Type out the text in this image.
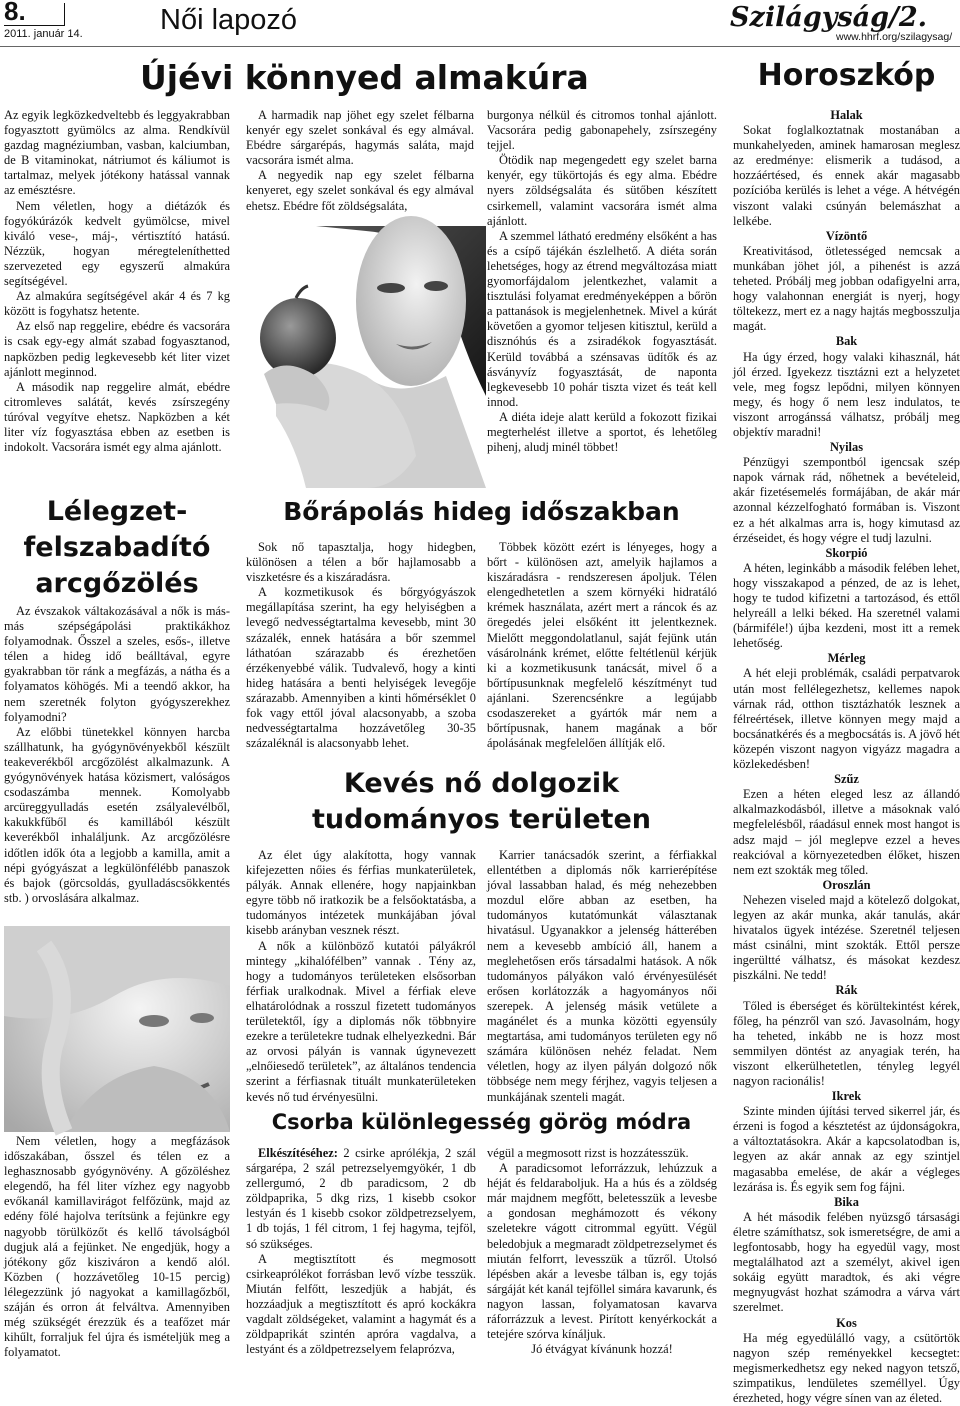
8.
2011. január 14.	Női lapozó	Szilágyság/2.
www.hhrf.org/szilagysag/
Újévi könnyed almakúra

Az egyik legközkedveltebb és leggyakrabban fogyasztott gyümölcs az alma. Rendkívül gazdag magnéziumban, vasban, kalciumban, de B vitaminokat, nátriumot és káliumot is tartalmaz, melyek jótékony hatással vannak az emésztésre.

Nem véletlen, hogy a diétázók és fogyókúrázók kedvelt gyümölcse, mivel kiváló vese-, máj-, vértisztító hatású. Nézzük, hogyan méregteleníthetted szervezeted egy egyszerű almakúra segítségével.

Az almakúra segítségével akár 4 és 7 kg között is fogyhatsz hetente.

Az első nap reggelire, ebédre és vacsorára is csak egy-egy almát szabad fogyasztanod, napközben pedig legkevesebb két liter vizet ajánlott meginnod.

A második nap reggelire almát, ebédre citromleves salátát, kevés zsírszegény túróval vegyítve ehetsz. Napközben a két liter víz fogyasztása ebben az esetben is indokolt. Vacsorára ismét egy alma ajánlott.

A harmadik nap jöhet egy szelet félbarna kenyér egy szelet sonkával és egy almával. Ebédre sárgarépás, hagymás saláta, majd vacsorára ismét alma.

A negyedik nap egy szelet félbarna kenyeret, egy szelet sonkával és egy almával ehetsz. Ebédre főt zöldségsaláta,

burgonya nélkül és citromos tonhal ajánlott. Vacsorára pedig gabonapehely, zsírszegény tejjel.

Ötödik nap megengedett egy szelet barna kenyér, egy tükörtojás és egy alma. Ebédre nyers zöldségsaláta és sütőben készített csirkemell, valamint vacsorára ismét alma ajánlott.

A szemmel látható eredmény elsőként a has és a csípő tájékán észlelhető. A diéta során lehetséges, hogy az étrend megváltozása miatt gyomorfájdalom jelentkezhet, valamit a tisztulási folyamat eredményeképpen a bőrön a pattanások is megjelenhetnek. Mivel a kúrát követően a gyomor teljesen kitisztul, kerüld a disznóhús és a zsiradékok fogyasztását. Kerüld továbbá a szénsavas üdítők és az ásványvíz fogyasztását, de naponta legkevesebb 10 pohár tiszta vizet és teát kell innod.

A diéta ideje alatt kerüld a fokozott fizikai megterhelést illetve a sportot, és lehetőleg pihenj, aludj minél többet!

Lélegzet-
felszabadító
arcgőzölés

Az évszakok váltakozásával a nők is más-más szépségápolási praktikákhoz folyamodnak. Ősszel a szeles, esős-, illetve télen a hideg idő beálltával, egyre gyakrabban tör ránk a megfázás, a nátha és a folyamatos köhögés. Mi a teendő akkor, ha nem szeretnék folyton gyógyszerekhez folyamodni?

Az előbbi tünetekkel könnyen harcba szállhatunk, ha gyógynövényekből készült teakeverékből arcgőzölést alkalmazunk. A gyógynövények hatása közismert, valóságos csodaszámba mennek. Komolyabb arcüreggyulladás esetén zsályalevélből, kakukkfűből és kamillából készült keverékből inhaláljunk. Az arcgőzölésre időtlen idők óta a legjobb a kamilla, amit a népi gyógyászat a legkülönfélébb panaszok és bajok (görcsoldás, gyulladáscsökkentés stb. ) orvoslására alkalmaz.

Nem véletlen, hogy a megfázások időszakában, ősszel és télen ez a leghasznosabb gyógynövény. A gőzöléshez elegendő, ha fél liter vízhez egy nagyobb evőkanál kamillavirágot felfőzünk, majd az edény fölé hajolva terítsünk a fejünkre egy nagyobb törülközőt és kellő távolságból dugjuk alá a fejünket. Ne engedjük, hogy a jótékony gőz kisziváron a kendő alól. Közben ( hozzávetőleg 10-15 percig) lélegezzünk jó nagyokat a kamillagőzből, száján és orron át felváltva. Amennyiben még szükségét érezzük és a teafőzet már kihűlt, forraljuk fel újra és ismételjük meg a folyamatot.

Bőrápolás hideg időszakban

Sok nő tapasztalja, hogy hidegben, különösen a télen a bőr hajlamosabb a viszketésre és a kiszáradásra.

A kozmetikusok és bőrgyógyászok megállapítása szerint, ha egy helyiségben a levegő nedvességtartalma kevesebb, mint 30 százalék, ennek hatására a bőr szemmel láthatóan szárazabb és érezhetően érzékenyebbé válik. Tudvalevő, hogy a kinti hideg hatására a benti helyiségek levegője szárazabb. Amennyiben a kinti hőmérséklet 0 fok vagy ettől jóval alacsonyabb, a szoba nedvességtartalma hozzávetőleg 30-35 százaléknál is alacsonyabb lehet.

Többek között ezért is lényeges, hogy a bőrt - különösen azt, amelyik hajlamos a kiszáradásra - rendszeresen ápoljuk. Télen elengedhetetlen a szem környéki hidratáló krémek használata, azért mert a ráncok és az öregedés jelei elsőként itt jelentkeznek. Mielőtt meggondolatlanul, saját fejünk után vásárolnánk krémet, előtte feltétlenül kérjük ki a kozmetikusunk tanácsát, mivel ő a bőrtípusunknak megfelelő készítményt tud ajánlani. Szerencsénkre a legújabb csodaszereket a gyártók már nem a bőrtípusnak, hanem magának a bőr ápolásának megfelelően állítják elő.

Kevés nő dolgozik
tudományos területen

Az élet úgy alakította, hogy vannak kifejezetten nőies és férfias munkaterületek, pályák. Annak ellenére, hogy napjainkban egyre több nő iratkozik be a felsőoktatásba, a tudományos intézetek munkájában jóval kisebb arányban vesznek részt.

A nők a különböző kutatói pályákról mintegy „kihalófélben” vannak . Tény az, hogy a tudományos területeken elsősorban férfiak uralkodnak. Mivel a férfiak eleve elhatárolódnak a rosszul fizetett tudományos területektől, így a diplomás nők többnyire ezekre a területekre tudnak elhelyezkedni. Bár az orvosi pályán is vannak úgynevezett „elnőiesedő területek”, az általános tendencia szerint a férfiasnak tituált munkaterületeken kevés nő tud érvényesülni.

Karrier tanácsadók szerint, a férfiakkal ellentétben a diplomás nők karrierépítése jóval lassabban halad, és még nehezebben mozdul előre abban az esetben, ha tudományos kutatómunkát választanak hivatásul. Ugyanakkor a jelenség hátterében nem a kevesebb ambíció áll, hanem a meglehetősen erős társadalmi hatások. A nők tudományos pályákon való érvényesülését erősen korlátozzák a hagyományos női szerepek. A jelenség másik vetülete a magánélet és a munka közötti egyensúly megtartása, ami tudományos területen egy nő számára különösen nehéz feladat. Nem véletlen, hogy az ilyen pályán dolgozó nők többsége nem megy férjhez, vagyis teljesen a munkájának szenteli magát.

Csorba különlegesség görög módra

Elkészítéséhez: 2 csirke aprólékja, 2 szál sárgarépa, 2 szál petrezselyemgyökér, 1 db zellergumó, 2 db paradicsom, 2 db zöldpaprika, 5 dkg rizs, 1 kisebb csokor lestyán és 1 kisebb csokor zöldpetrezselyem, 1 db tojás, 1 fél citrom, 1 fej hagyma, tejföl, só szükséges.

A megtisztított és megmosott csirkeaprólékot forrásban levő vízbe tesszük. Miután felfőtt, leszedjük a habját, és hozzáadjuk a megtisztított és apró kockákra vagdalt zöldségeket, valamint a hagymát és a zöldpaprikát szintén apróra vagdalva, a lestyánt és a zöldpetrezselyem felaprózva,

végül a megmosott rizst is hozzátesszük.

A paradicsomot leforrázzuk, lehúzzuk a héját és feldaraboljuk. Ha a hús és a zöldség már majdnem megfőtt, beletesszük a levesbe a gondosan meghámozott és vékony szeletekre vágott citrommal együtt. Végül beledobjuk a megmaradt zöldpetrezselymet és miután felforrt, levesszük a tűzről. Utolsó lépésben akár a levesbe tálban is, egy tojás sárgáját két kanál tejföllel simára kavarunk, és nagyon lassan, folyamatosan kavarva ráforrázzuk a levest. Pirított kenyérkockát a tetejére szórva kínáljuk.

Jó étvágyat kívánunk hozzá!

Horoszkóp
Halak

Sokat foglalkoztatnak mostanában a munkahelyeden, aminek hamarosan meglesz az eredménye: elismerik a tudásod, a hozzáértésed, és ennek akár magasabb pozícióba kerülés is lehet a vége. A hétvégén viszont valaki csúnyán belemászhat a lelkébe.

Vízöntő

Kreativitásod, ötletességed nemcsak a munkában jöhet jól, a pihenést is azzá teheted. Próbálj meg jobban odafigyelni arra, hogy valahonnan energiát is nyerj, hogy töltekezz, mert ez a nagy hajtás megbosszulja magát.

Bak

Ha úgy érzed, hogy valaki kihasznál, hát jól érzed. Igyekezz tisztázni ezt a helyzetet vele, meg fogsz lepődni, milyen könnyen megy, és hogy ő nem lesz indulatos, te viszont arrogánssá válhatsz, próbálj meg objektív maradni!

Nyilas

Pénzügyi szempontból igencsak szép napok várnak rád, nőhetnek a bevételeid, akár fizetésemelés formájában, de akár már azonnal kézzelfogható formában is. Viszont ez a hét alkalmas arra is, hogy kimutasd az érzéseidet, és hogy végre el tudj lazulni.

Skorpió

A héten, leginkább a második felében lehet, hogy visszakapod a pénzed, de az is lehet, hogy te tudod kifizetni a tartozásod, és ettől helyreáll a lelki béked. Ha szeretnél valami (bármiféle!) újba kezdeni, most itt a remek lehetőség.

Mérleg

A hét eleji problémák, családi perpatvarok után most fellélegezhetsz, kellemes napok várnak rád, otthon tisztázhatók lesznek a félreértések, illetve könnyen megy majd a bocsánatkérés és a megbocsátás is. A jövő hét közepén viszont nagyon vigyázz magadra a közlekedésben!

Szűz

Ezen a héten eleged lesz az állandó alkalmazkodásból, illetve a másoknak való megfelelésből, ráadásul ennek most hangot is adsz majd – jól meglepve ezzel a heves reakcióval a környezetedben élőket, hiszen nem ezt szokták meg tőled.

Oroszlán

Nehezen viseled majd a kötelező dolgokat, legyen az akár munka, akár tanulás, akár hivatalos ügyek intézése. Szeretnél teljesen mást csinálni, mint szokták. Ettől persze ingerültté válhatsz, és másokat kezdesz piszkálni. Ne tedd!

Rák

Tőled is éberséget és körültekintést kérek, főleg, ha pénzről van szó. Javasolnám, hogy ha teheted, inkább ne is hozz most semmilyen döntést az anyagiak terén, ha viszont elkerülhetetlen, tényleg legyél nagyon racionális!

Ikrek

Szinte minden újítási terved sikerrel jár, és érzeni is fogod a késztetést az újdonságokra, a változtatásokra. Akár a kapcsolatodban is, legyen az akár annak az egy szintjel magasabba emelése, de akár a végleges lezárása is. És egyik sem fog fájni.

Bika

A hét második felében nyüzsgő társasági életre számíthatsz, sok ismeretségre, de ami a legfontosabb, hogy ha egyedül vagy, most megtalálhatod azt a személyt, akivel igen sokáig együtt maradtok, és aki végre megnyugvást hozhat számodra a várva várt szerelmet.

Kos

Ha még egyedülálló vagy, a csütörtök nagyon szép reményekkel kecsegtet: megismerkedhetsz egy neked nagyon tetsző, szimpatikus, lendületes személlyel. Úgy érezheted, hogy végre sínen van az életed.
